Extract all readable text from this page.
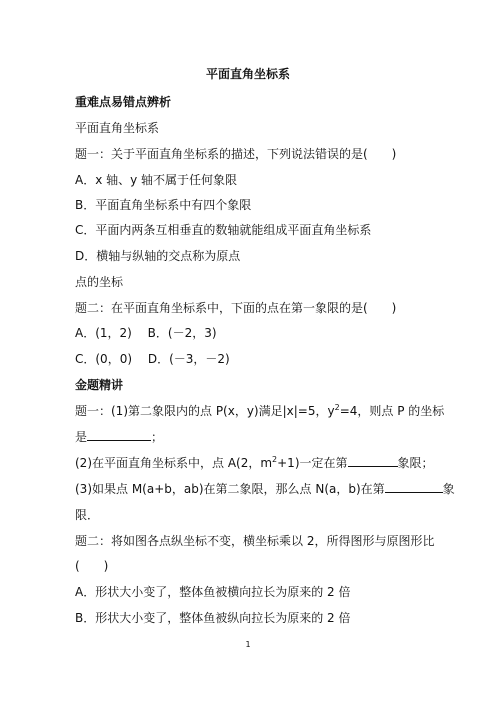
平面直角坐标系
重难点易错点辨析
平面直角坐标系
题一：关于平面直角坐标系的描述，下列说法错误的是(　　)
A．x 轴、y 轴不属于任何象限
B．平面直角坐标系中有四个象限
C．平面内两条互相垂直的数轴就能组成平面直角坐标系
D．横轴与纵轴的交点称为原点
点的坐标
题二：在平面直角坐标系中，下面的点在第一象限的是(　　)
A．(1，2)　 B．(－2，3)
C．(0，0)　 D．(－3，－2)
金题精讲
题一：(1)第二象限内的点 P(x，y)满足|x|=5，$y^2=4$，则点 P 的坐标
是	；
(2)在平面直角坐标系中，点 A(2，$m^2+1$)一定在第	象限；
(3)如果点 M(a+b，ab)在第二象限，那么点 N(a，b)在第	象
限．
题二：将如图各点纵坐标不变，横坐标乘以 2，所得图形与原图形比
(　　)
A．形状大小变了，整体鱼被横向拉长为原来的 2 倍
B．形状大小变了，整体鱼被纵向拉长为原来的 2 倍
1
